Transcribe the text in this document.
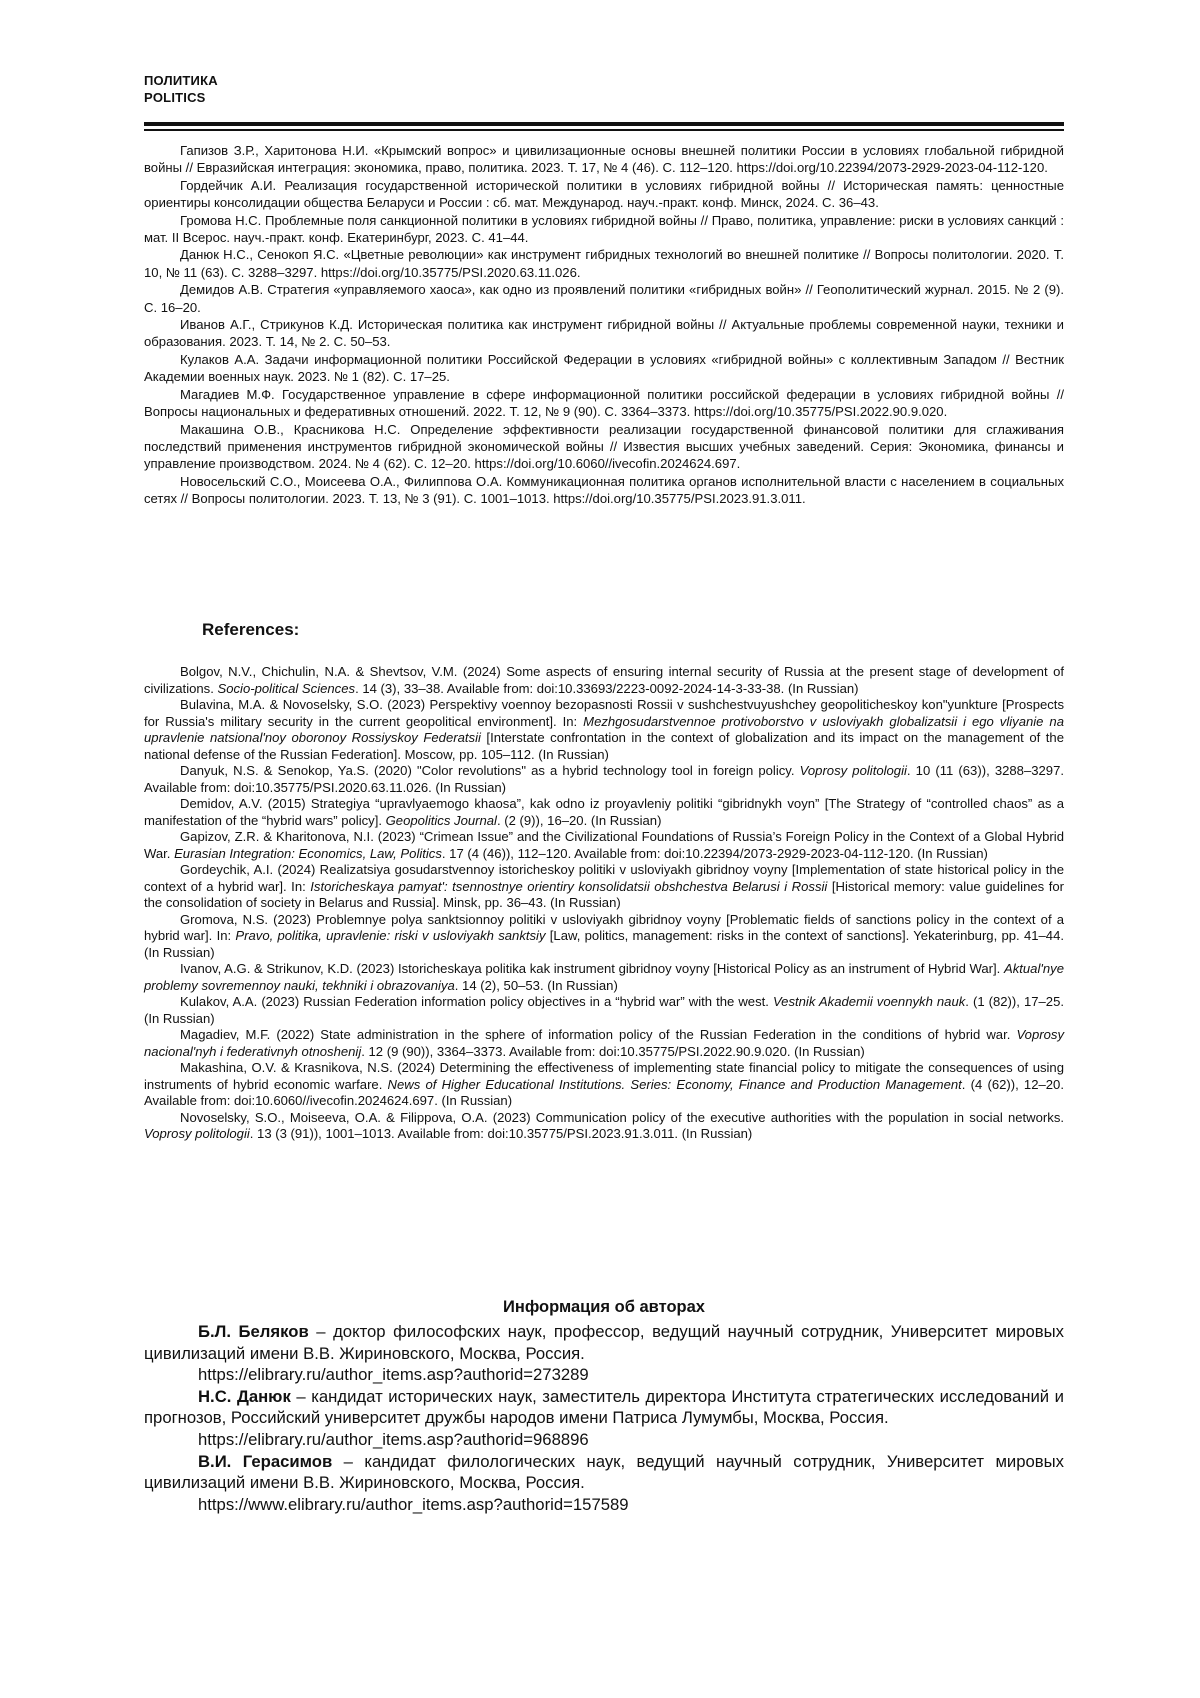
ПОЛИТИКА
POLITICS

Гапизов З.Р., Харитонова Н.И. «Крымский вопрос» и цивилизационные основы внешней политики России в условиях глобальной гибридной войны // Евразийская интеграция: экономика, право, политика. 2023. Т. 17, № 4 (46). С. 112–120. https://doi.org/10.22394/2073-2929-2023-04-112-120.

Гордейчик А.И. Реализация государственной исторической политики в условиях гибридной войны // Историческая память: ценностные ориентиры консолидации общества Беларуси и России : сб. мат. Международ. науч.-практ. конф. Минск, 2024. С. 36–43.

Громова Н.С. Проблемные поля санкционной политики в условиях гибридной войны // Право, политика, управление: риски в условиях санкций : мат. II Всерос. науч.-практ. конф. Екатеринбург, 2023. С. 41–44.

Данюк Н.С., Сенокоп Я.С. «Цветные революции» как инструмент гибридных технологий во внешней политике // Вопросы политологии. 2020. Т. 10, № 11 (63). С. 3288–3297. https://doi.org/10.35775/PSI.2020.63.11.026.

Демидов А.В. Стратегия «управляемого хаоса», как одно из проявлений политики «гибридных войн» // Геополитический журнал. 2015. № 2 (9). С. 16–20.

Иванов А.Г., Стрикунов К.Д. Историческая политика как инструмент гибридной войны // Актуальные проблемы современной науки, техники и образования. 2023. Т. 14, № 2. С. 50–53.

Кулаков А.А. Задачи информационной политики Российской Федерации в условиях «гибридной войны» с коллективным Западом // Вестник Академии военных наук. 2023. № 1 (82). С. 17–25.

Магадиев М.Ф. Государственное управление в сфере информационной политики российской федерации в условиях гибридной войны // Вопросы национальных и федеративных отношений. 2022. Т. 12, № 9 (90). С. 3364–3373. https://doi.org/10.35775/PSI.2022.90.9.020.

Макашина О.В., Красникова Н.С. Определение эффективности реализации государственной финансовой политики для сглаживания последствий применения инструментов гибридной экономической войны // Известия высших учебных заведений. Серия: Экономика, финансы и управление производством. 2024. № 4 (62). С. 12–20. https://doi.org/10.6060//ivecofin.2024624.697.

Новосельский С.О., Моисеева О.А., Филиппова О.А. Коммуникационная политика органов исполнительной власти с населением в социальных сетях // Вопросы политологии. 2023. Т. 13, № 3 (91). С. 1001–1013. https://doi.org/10.35775/PSI.2023.91.3.011.

References:

Bolgov, N.V., Chichulin, N.A. & Shevtsov, V.M. (2024) Some aspects of ensuring internal security of Russia at the present stage of development of civilizations. Socio-political Sciences. 14 (3), 33–38. Available from: doi:10.33693/2223-0092-2024-14-3-33-38. (In Russian)

Bulavina, M.A. & Novoselsky, S.O. (2023) Perspektivy voennoy bezopasnosti Rossii v sushchestvuyushchey geopoliticheskoy kon"yunkture [Prospects for Russia's military security in the current geopolitical environment]. In: Mezhgosudarstvennoe protivoborstvo v usloviyakh globalizatsii i ego vliyanie na upravlenie natsional'noy oboronoy Rossiyskoy Federatsii [Interstate confrontation in the context of globalization and its impact on the management of the national defense of the Russian Federation]. Moscow, pp. 105–112. (In Russian)

Danyuk, N.S. & Senokop, Ya.S. (2020) "Color revolutions" as a hybrid technology tool in foreign policy. Voprosy politologii. 10 (11 (63)), 3288–3297. Available from: doi:10.35775/PSI.2020.63.11.026. (In Russian)

Demidov, A.V. (2015) Strategiya “upravlyaemogo khaosa”, kak odno iz proyavleniy politiki “gibridnykh voyn” [The Strategy of “controlled chaos” as a manifestation of the “hybrid wars” policy]. Geopolitics Journal. (2 (9)), 16–20. (In Russian)

Gapizov, Z.R. & Kharitonova, N.I. (2023) “Crimean Issue” and the Civilizational Foundations of Russia’s Foreign Policy in the Context of a Global Hybrid War. Eurasian Integration: Economics, Law, Politics. 17 (4 (46)), 112–120. Available from: doi:10.22394/2073-2929-2023-04-112-120. (In Russian)

Gordeychik, A.I. (2024) Realizatsiya gosudarstvennoy istoricheskoy politiki v usloviyakh gibridnoy voyny [Implementation of state historical policy in the context of a hybrid war]. In: Istoricheskaya pamyat': tsennostnye orientiry konsolidatsii obshchestva Belarusi i Rossii [Historical memory: value guidelines for the consolidation of society in Belarus and Russia]. Minsk, pp. 36–43. (In Russian)

Gromova, N.S. (2023) Problemnye polya sanktsionnoy politiki v usloviyakh gibridnoy voyny [Problematic fields of sanctions policy in the context of a hybrid war]. In: Pravo, politika, upravlenie: riski v usloviyakh sanktsiy [Law, politics, management: risks in the context of sanctions]. Yekaterinburg, pp. 41–44. (In Russian)

Ivanov, A.G. & Strikunov, K.D. (2023) Istoricheskaya politika kak instrument gibridnoy voyny [Historical Policy as an instrument of Hybrid War]. Aktual'nye problemy sovremennoy nauki, tekhniki i obrazovaniya. 14 (2), 50–53. (In Russian)

Kulakov, A.A. (2023) Russian Federation information policy objectives in a “hybrid war” with the west. Vestnik Akademii voennykh nauk. (1 (82)), 17–25. (In Russian)

Magadiev, M.F. (2022) State administration in the sphere of information policy of the Russian Federation in the conditions of hybrid war. Voprosy nacional'nyh i federativnyh otnoshenij. 12 (9 (90)), 3364–3373. Available from: doi:10.35775/PSI.2022.90.9.020. (In Russian)

Makashina, O.V. & Krasnikova, N.S. (2024) Determining the effectiveness of implementing state financial policy to mitigate the consequences of using instruments of hybrid economic warfare. News of Higher Educational Institutions. Series: Economy, Finance and Production Management. (4 (62)), 12–20. Available from: doi:10.6060//ivecofin.2024624.697. (In Russian)

Novoselsky, S.O., Moiseeva, O.A. & Filippova, O.A. (2023) Communication policy of the executive authorities with the population in social networks. Voprosy politologii. 13 (3 (91)), 1001–1013. Available from: doi:10.35775/PSI.2023.91.3.011. (In Russian)

Информация об авторах

Б.Л. Беляков – доктор философских наук, профессор, ведущий научный сотрудник, Университет мировых цивилизаций имени В.В. Жириновского, Москва, Россия.

https://elibrary.ru/author_items.asp?authorid=273289

Н.С. Данюк – кандидат исторических наук, заместитель директора Института стратегических исследований и прогнозов, Российский университет дружбы народов имени Патриса Лумумбы, Москва, Россия.

https://elibrary.ru/author_items.asp?authorid=968896

В.И. Герасимов – кандидат филологических наук, ведущий научный сотрудник, Университет мировых цивилизаций имени В.В. Жириновского, Москва, Россия.

https://www.elibrary.ru/author_items.asp?authorid=157589
